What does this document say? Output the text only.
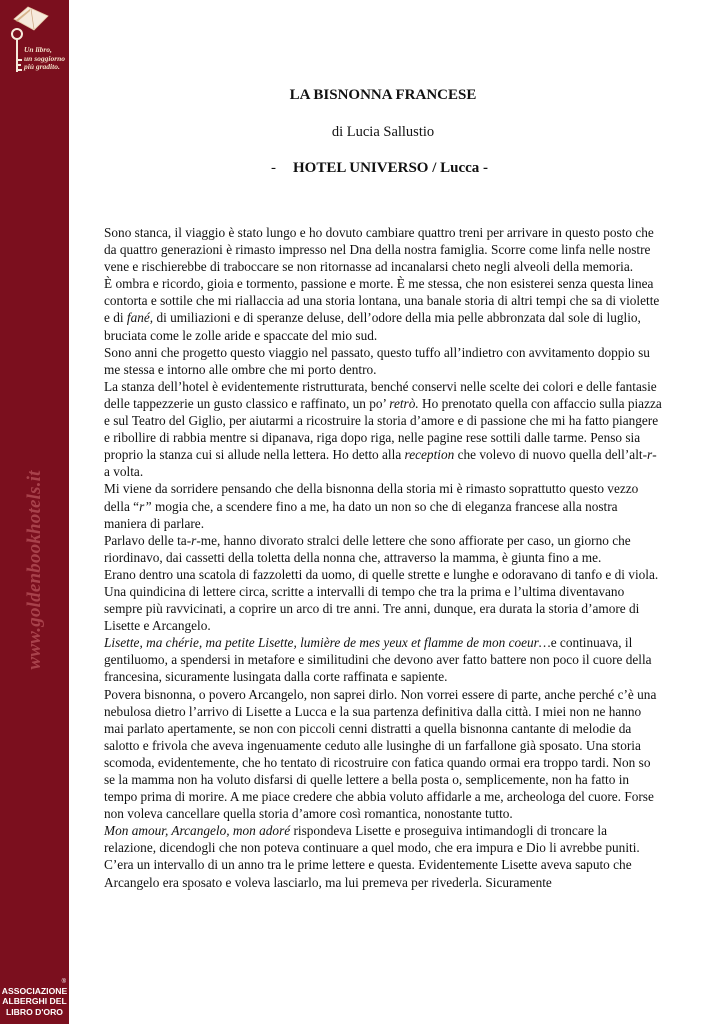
Un libro,
un soggiorno
più gradito.
www.goldenbookhotels.it
®
ASSOCIAZIONE
ALBERGHI DEL
LIBRO D'ORO
LA BISNONNA FRANCESE
di Lucia Sallustio
- HOTEL UNIVERSO / Lucca -

Sono stanca, il viaggio è stato lungo e ho dovuto cambiare quattro treni per arrivare in questo posto che da quattro generazioni è rimasto impresso nel Dna della nostra famiglia. Scorre come linfa nelle nostre vene e rischierebbe di traboccare se non ritornasse ad incanalarsi cheto negli alveoli della memoria.

È ombra e ricordo, gioia e tormento, passione e morte. È me stessa, che non esisterei senza questa linea contorta e sottile che mi riallaccia ad una storia lontana, una banale storia di altri tempi che sa di violette e di fané, di umiliazioni e di speranze deluse, dell’odore della mia pelle abbronzata dal sole di luglio, bruciata come le zolle aride e spaccate del mio sud.

Sono anni che progetto questo viaggio nel passato, questo tuffo all’indietro con avvitamento doppio su me stessa e intorno alle ombre che mi porto dentro.

La stanza dell’hotel è evidentemente ristrutturata, benché conservi nelle scelte dei colori e delle fantasie delle tappezzerie un gusto classico e raffinato, un po’ retrò. Ho prenotato quella con affaccio sulla piazza e sul Teatro del Giglio, per aiutarmi a ricostruire la storia d’amore e di passione che mi ha fatto piangere e ribollire di rabbia mentre si dipanava, riga dopo riga, nelle pagine rese sottili dalle tarme. Penso sia proprio la stanza cui si allude nella lettera. Ho detto alla reception che volevo di nuovo quella dell’alt-r-a volta.

Mi viene da sorridere pensando che della bisnonna della storia mi è rimasto soprattutto questo vezzo della “r” mogia che, a scendere fino a me, ha dato un non so che di eleganza francese alla nostra maniera di parlare.

Parlavo delle ta-r-me, hanno divorato stralci delle lettere che sono affiorate per caso, un giorno che riordinavo, dai cassetti della toletta della nonna che, attraverso la mamma, è giunta fino a me.

Erano dentro una scatola di fazzoletti da uomo, di quelle strette e lunghe e odoravano di tanfo e di viola. Una quindicina di lettere circa, scritte a intervalli di tempo che tra la prima e l’ultima diventavano sempre più ravvicinati, a coprire un arco di tre anni. Tre anni, dunque, era durata la storia d’amore di Lisette e Arcangelo.

Lisette, ma chérie, ma petite Lisette, lumière de mes yeux et flamme de mon coeur…e continuava, il gentiluomo, a spendersi in metafore e similitudini che devono aver fatto battere non poco il cuore della francesina, sicuramente lusingata dalla corte raffinata e sapiente.

Povera bisnonna, o povero Arcangelo, non saprei dirlo. Non vorrei essere di parte, anche perché c’è una nebulosa dietro l’arrivo di Lisette a Lucca e la sua partenza definitiva dalla città. I miei non ne hanno mai parlato apertamente, se non con piccoli cenni distratti a quella bisnonna cantante di melodie da salotto e frivola che aveva ingenuamente ceduto alle lusinghe di un farfallone già sposato. Una storia scomoda, evidentemente, che ho tentato di ricostruire con fatica quando ormai era troppo tardi. Non so se la mamma non ha voluto disfarsi di quelle lettere a bella posta o, semplicemente, non ha fatto in tempo prima di morire. A me piace credere che abbia voluto affidarle a me, archeologa del cuore. Forse non voleva cancellare quella storia d’amore così romantica, nonostante tutto.

Mon amour, Arcangelo, mon adoré rispondeva Lisette e proseguiva intimandogli di troncare la relazione, dicendogli che non poteva continuare a quel modo, che era impura e Dio li avrebbe puniti. C’era un intervallo di un anno tra le prime lettere e questa. Evidentemente Lisette aveva saputo che Arcangelo era sposato e voleva lasciarlo, ma lui premeva per rivederla. Sicuramente
